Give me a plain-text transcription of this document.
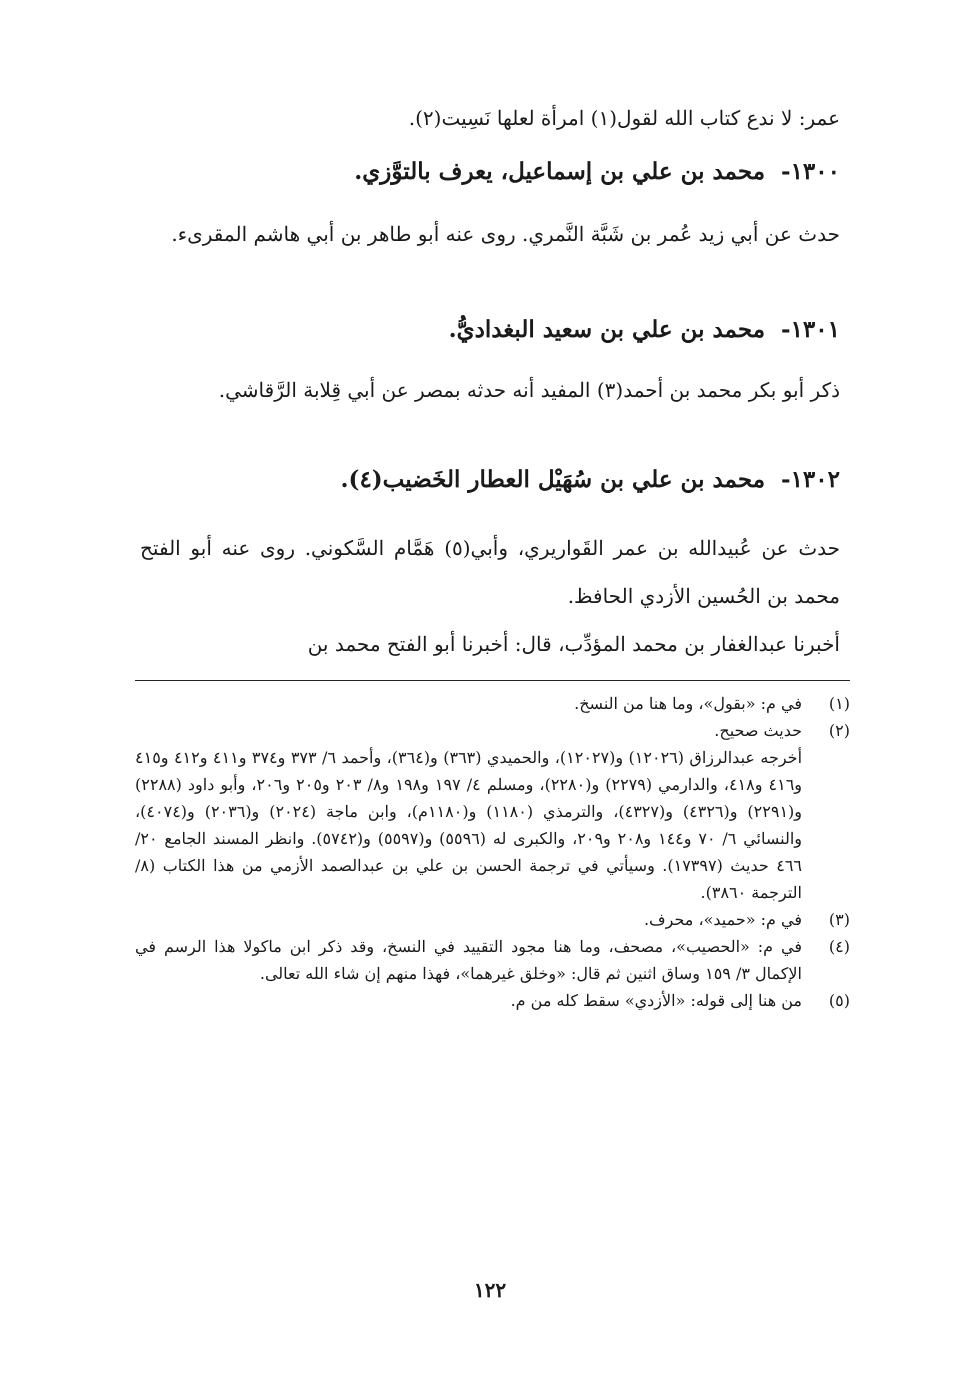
عمر: لا ندع كتاب الله لقول(١) امرأة لعلها نَسِيت(٢).
١٣٠٠- محمد بن علي بن إسماعيل، يعرف بالتوَّزي.
حدث عن أبي زيد عُمر بن شَبَّة النَّمري. روى عنه أبو طاهر بن أبي هاشم المقرىء.
١٣٠١- محمد بن علي بن سعيد البغداديُّ.
ذكر أبو بكر محمد بن أحمد(٣) المفيد أنه حدثه بمصر عن أبي قِلابة الرَّقاشي.
١٣٠٢- محمد بن علي بن سُهَيْل العطار الخَضيب(٤).
حدث عن عُبيدالله بن عمر القَواريري، وأبي(٥) هَمَّام السَّكوني. روى عنه أبو الفتح محمد بن الحُسين الأزدي الحافظ.
أخبرنا عبدالغفار بن محمد المؤدِّب، قال: أخبرنا أبو الفتح محمد بن
(١)
في م: «بقول»، وما هنا من النسخ.
(٢)
حديث صحيح.
أخرجه عبدالرزاق (١٢٠٢٦) و(١٢٠٢٧)، والحميدي (٣٦٣) و(٣٦٤)، وأحمد ٦/ ٣٧٣ و٣٧٤ و٤١١ و٤١٢ و٤١٥ و٤١٦ و٤١٨، والدارمي (٢٢٧٩) و(٢٢٨٠)، ومسلم ٤/ ١٩٧ و١٩٨ و٨/ ٢٠٣ و٢٠٥ و٢٠٦، وأبو داود (٢٢٨٨) و(٢٢٩١) و(٤٣٢٦) و(٤٣٢٧)، والترمذي (١١٨٠) و(١١٨٠م)، وابن ماجة (٢٠٢٤) و(٢٠٣٦) و(٤٠٧٤)، والنسائي ٦/ ٧٠ و١٤٤ و٢٠٨ و٢٠٩، والكبرى له (٥٥٩٦) و(٥٥٩٧) و(٥٧٤٢). وانظر المسند الجامع ٢٠/ ٤٦٦ حديث (١٧٣٩٧). وسيأتي في ترجمة الحسن بن علي بن عبدالصمد الأزمي من هذا الكتاب (٨/ الترجمة ٣٨٦٠).
(٣)
في م: «حميد»، محرف.
(٤)
في م: «الحصيب»، مصحف، وما هنا مجود التقييد في النسخ، وقد ذكر ابن ماكولا هذا الرسم في الإكمال ٣/ ١٥٩ وساق اثنين ثم قال: «وخلق غيرهما»، فهذا منهم إن شاء الله تعالى.
(٥)
من هنا إلى قوله: «الأزدي» سقط كله من م.
١٢٢
